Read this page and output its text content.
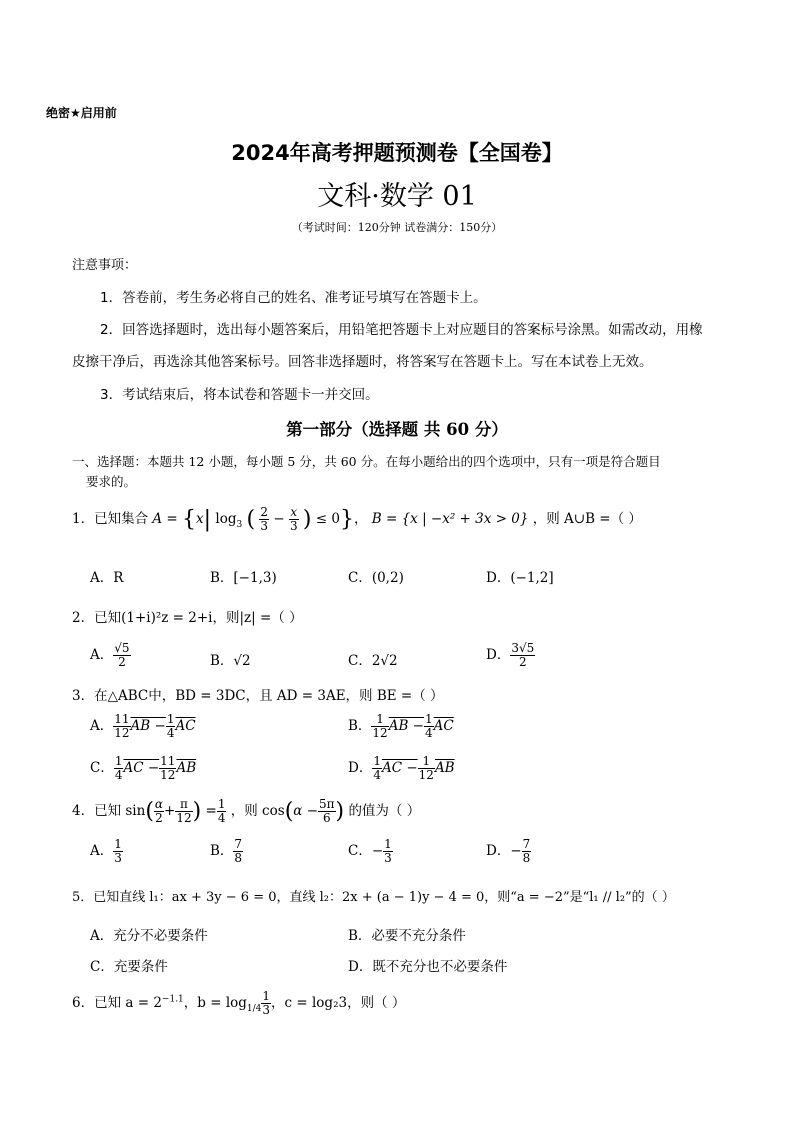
绝密★启用前
2024年高考押题预测卷【全国卷】
文科·数学 01
（考试时间：120分钟 试卷满分：150分）
注意事项：
1．答卷前，考生务必将自己的姓名、准考证号填写在答题卡上。
2．回答选择题时，选出每小题答案后，用铅笔把答题卡上对应题目的答案标号涂黑。如需改动，用橡
皮擦干净后，再选涂其他答案标号。回答非选择题时，将答案写在答题卡上。写在本试卷上无效。
3．考试结束后，将本试卷和答题卡一并交回。
第一部分（选择题 共 60 分）
一、选择题：本题共 12 小题，每小题 5 分，共 60 分。在每小题给出的四个选项中，只有一项是符合题目
要求的。
1．已知集合 A = {x| $\log_3$ ( $\frac{2}{3} - \frac{x}{3}$ ) ≤ 0}， B = {x | −x² + 3x > 0} ，则 A∪B =（ ）
A．R	B．[−1,3)	C．(0,2)	D．(−1,2]
2．已知(1+i)²z = 2+i，则|z| =（ ）
A． $\frac{√5}{2}$	B．√2	C．2√2	D． $\frac{3√5}{2}$
3．在△ABC中，BD = 3DC，且 AD = 3AE，则 BE =（ ）
A． $\frac{11}{12}$ AB − $\frac{1}{4} \overline{AC}$	B． $\frac{1}{12}$ AB − $\frac{1}{4} \overline{AC}$
C． $\frac{1}{4}$ AC − $\frac{11}{12} \overline{AB}$	D． $\frac{1}{4}$ AC − $\frac{1}{12} \overline{AB}$
4．已知 $\sin( \frac{\alpha}{2} + \frac{\pi}{12}$ ) = $\frac{1}{4}$ ，则 $\cos(\alpha - \frac{5\pi}{6}$ ) 的值为（ ）
A． $\frac{1}{3}$	B． $\frac{7}{8}$	C．− $\frac{1}{3}$	D．− $\frac{7}{8}$
5．已知直线 l₁：ax + 3y − 6 = 0，直线 l₂：2x + (a − 1)y − 4 = 0，则“a = −2”是“l₁ // l₂”的（ ）
A．充分不必要条件	B．必要不充分条件
C．充要条件	D．既不充分也不必要条件
6．已知 $a = 2^{-1.1}$，$b = \log_{1/4} \frac{1}{3}$ ，c = log₂3，则（ ）
